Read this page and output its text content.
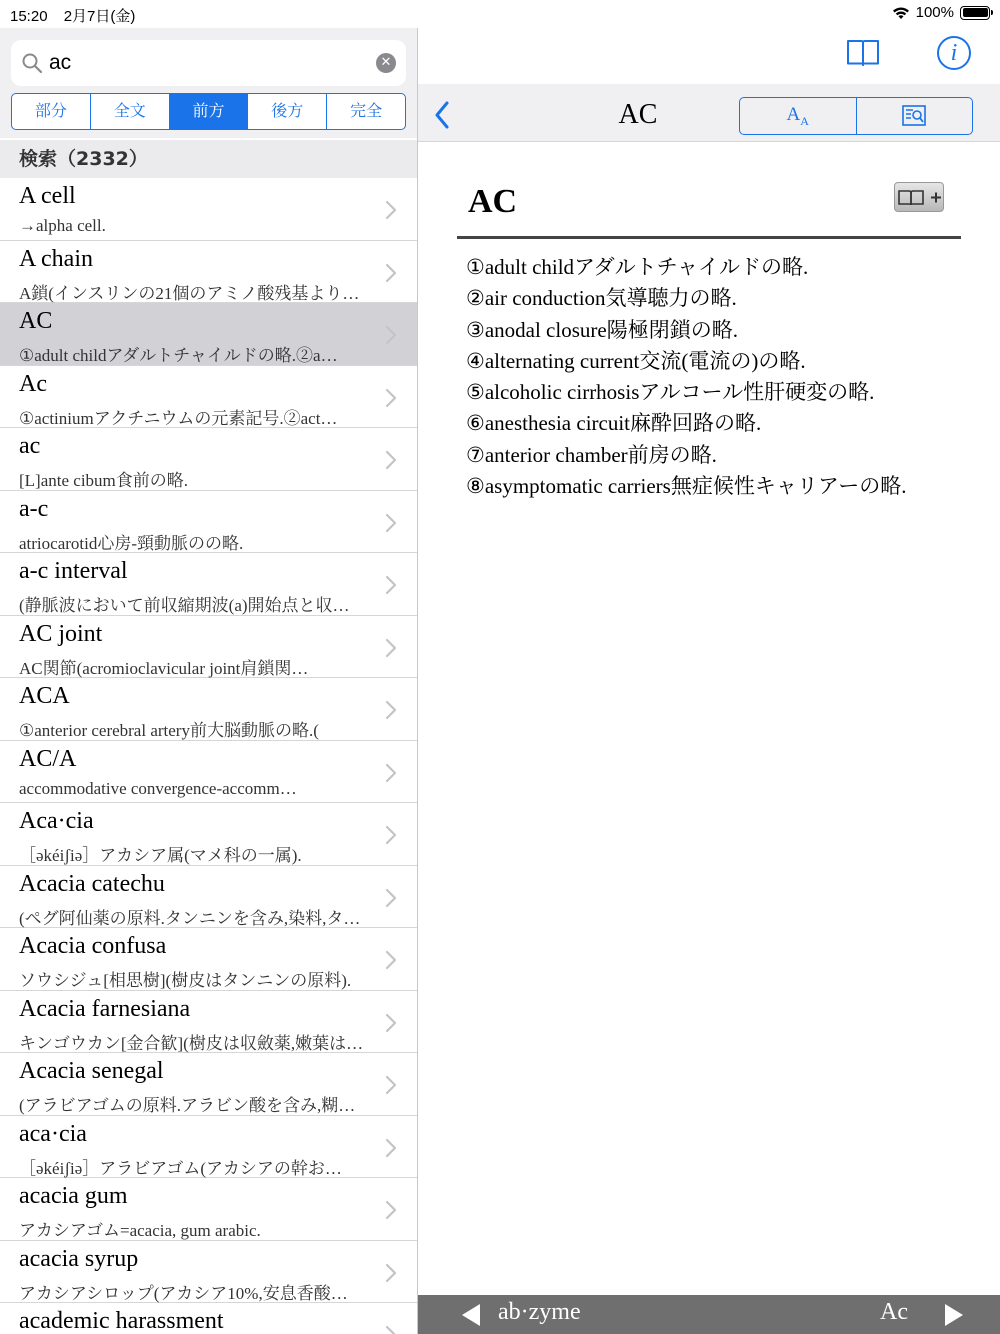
15:20 2月7日(金)	100%
ac
✕
部分	全文	前方	後方	完全
検索（2332）
A cell
→alpha cell.
A chain
A鎖(インスリンの21個のアミノ酸残基より…
AC
①adult childアダルトチャイルドの略.②a…
Ac
①actiniumアクチニウムの元素記号.②act…
ac
[L]ante cibum食前の略.
a-c
atriocarotid心房-頸動脈のの略.
a-c interval
(静脈波において前収縮期波(a)開始点と収…
AC joint
AC関節(acromioclavicular joint肩鎖関…
ACA
①anterior cerebral artery前大脳動脈の略.(
AC/A
accommodative convergence-accomm…
Aca·cia
［əkéiʃiə］アカシア属(マメ科の一属).
Acacia catechu
(ペグ阿仙薬の原料.タンニンを含み,染料,タ…
Acacia confusa
ソウシジュ[相思樹](樹皮はタンニンの原料).
Acacia farnesiana
キンゴウカン[金合歓](樹皮は収斂薬,嫩葉は…
Acacia senegal
(アラビアゴムの原料.アラビン酸を含み,糊…
aca·cia
［əkéiʃiə］アラビアゴム(アカシアの幹お…
acacia gum
アカシアゴム=acacia, gum arabic.
acacia syrup
アカシアシロップ(アカシア10%,安息香酸…
academic harassment
i
AC	$A_A$
AC
①adult childアダルトチャイルドの略.
②air conduction気導聴力の略.
③anodal closure陽極閉鎖の略.
④alternating current交流(電流の)の略.
⑤alcoholic cirrhosisアルコール性肝硬変の略.
⑥anesthesia circuit麻酔回路の略.
⑦anterior chamber前房の略.
⑧asymptomatic carriers無症候性キャリアーの略.
ab·zyme	Ac
